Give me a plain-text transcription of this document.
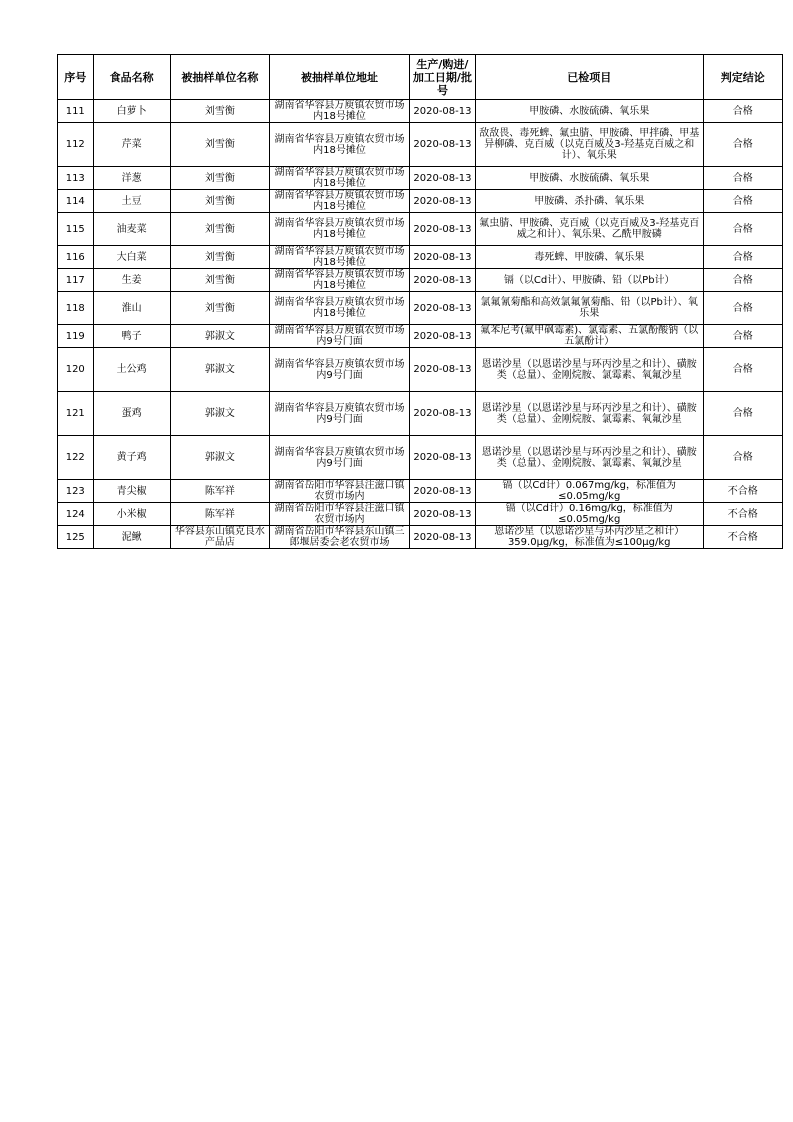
序号	食品名称	被抽样单位名称	被抽样单位地址	生产/购进/加工日期/批号	已检项目	判定结论
111	白萝卜	刘雪衡	湖南省华容县万庾镇农贸市场内18号摊位	2020-08-13	甲胺磷、水胺硫磷、氧乐果	合格
112	芹菜	刘雪衡	湖南省华容县万庾镇农贸市场内18号摊位	2020-08-13	敌敌畏、毒死蜱、氟虫腈、甲胺磷、甲拌磷、甲基异柳磷、克百威（以克百威及3-羟基克百威之和计）、氧乐果	合格
113	洋葱	刘雪衡	湖南省华容县万庾镇农贸市场内18号摊位	2020-08-13	甲胺磷、水胺硫磷、氧乐果	合格
114	土豆	刘雪衡	湖南省华容县万庾镇农贸市场内18号摊位	2020-08-13	甲胺磷、杀扑磷、氧乐果	合格
115	油麦菜	刘雪衡	湖南省华容县万庾镇农贸市场内18号摊位	2020-08-13	氟虫腈、甲胺磷、克百威（以克百威及3-羟基克百威之和计）、氧乐果、乙酰甲胺磷	合格
116	大白菜	刘雪衡	湖南省华容县万庾镇农贸市场内18号摊位	2020-08-13	毒死蜱、甲胺磷、氧乐果	合格
117	生姜	刘雪衡	湖南省华容县万庾镇农贸市场内18号摊位	2020-08-13	镉（以Cd计）、甲胺磷、铅（以Pb计）	合格
118	淮山	刘雪衡	湖南省华容县万庾镇农贸市场内18号摊位	2020-08-13	氯氟氰菊酯和高效氯氟氰菊酯、铅（以Pb计）、氧乐果	合格
119	鸭子	郭淑文	湖南省华容县万庾镇农贸市场内9号门面	2020-08-13	氟苯尼考(氟甲砜霉素)、氯霉素、五氯酚酸钠（以五氯酚计）	合格
120	土公鸡	郭淑文	湖南省华容县万庾镇农贸市场内9号门面	2020-08-13	恩诺沙星（以恩诺沙星与环丙沙星之和计）、磺胺类（总量）、金刚烷胺、氯霉素、氧氟沙星	合格
121	蛋鸡	郭淑文	湖南省华容县万庾镇农贸市场内9号门面	2020-08-13	恩诺沙星（以恩诺沙星与环丙沙星之和计）、磺胺类（总量）、金刚烷胺、氯霉素、氧氟沙星	合格
122	黄子鸡	郭淑文	湖南省华容县万庾镇农贸市场内9号门面	2020-08-13	恩诺沙星（以恩诺沙星与环丙沙星之和计）、磺胺类（总量）、金刚烷胺、氯霉素、氧氟沙星	合格
123	青尖椒	陈军祥	湖南省岳阳市华容县注滋口镇农贸市场内	2020-08-13	镉（以Cd计）0.067mg/kg，标准值为≤0.05mg/kg	不合格
124	小米椒	陈军祥	湖南省岳阳市华容县注滋口镇农贸市场内	2020-08-13	镉（以Cd计）0.16mg/kg，标准值为≤0.05mg/kg	不合格
125	泥鳅	华容县东山镇克良水产品店	湖南省岳阳市华容县东山镇三郎堰居委会老农贸市场	2020-08-13	恩诺沙星（以恩诺沙星与环丙沙星之和计）359.0μg/kg，标准值为≤100μg/kg	不合格
